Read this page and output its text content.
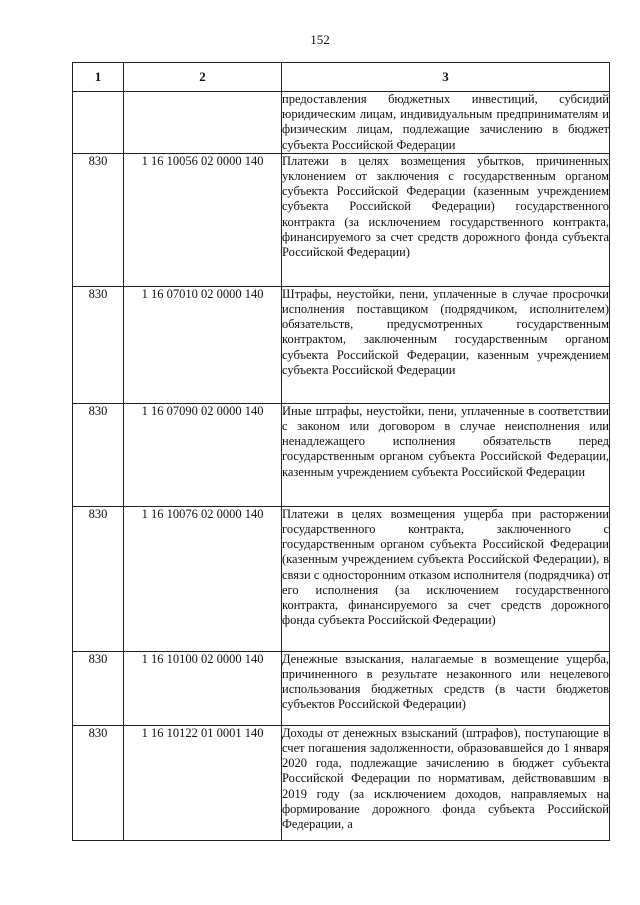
152
1	2	3
		предоставления бюджетных инвестиций, субсидий юридическим лицам, индивидуальным предпринимателям и физическим лицам, подлежащие зачислению в бюджет субъекта Российской Федерации
830	1 16 10056 02 0000 140	Платежи в целях возмещения убытков, причиненных уклонением от заключения с государственным органом субъекта Российской Федерации (казенным учреждением субъекта Российской Федерации) государственного контракта (за исключением государственного контракта, финансируемого за счет средств дорожного фонда субъекта Российской Федерации)
830	1 16 07010 02 0000 140	Штрафы, неустойки, пени, уплаченные в случае просрочки исполнения поставщиком (подрядчиком, исполнителем) обязательств, предусмотренных государственным контрактом, заключенным государственным органом субъекта Российской Федерации, казенным учреждением субъекта Российской Федерации
830	1 16 07090 02 0000 140	Иные штрафы, неустойки, пени, уплаченные в соответствии с законом или договором в случае неисполнения или ненадлежащего исполнения обязательств перед государственным органом субъекта Российской Федерации, казенным учреждением субъекта Российской Федерации
830	1 16 10076 02 0000 140	Платежи в целях возмещения ущерба при расторжении государственного контракта, заключенного с государственным органом субъекта Российской Федерации (казенным учреждением субъекта Российской Федерации), в связи с односторонним отказом исполнителя (подрядчика) от его исполнения (за исключением государственного контракта, финансируемого за счет средств дорожного фонда субъекта Российской Федерации)
830	1 16 10100 02 0000 140	Денежные взыскания, налагаемые в возмещение ущерба, причиненного в результате незаконного или нецелевого использования бюджетных средств (в части бюджетов субъектов Российской Федерации)
830	1 16 10122 01 0001 140	Доходы от денежных взысканий (штрафов), поступающие в счет погашения задолженности, образовавшейся до 1 января 2020 года, подлежащие зачислению в бюджет субъекта Российской Федерации по нормативам, действовавшим в 2019 году (за исключением доходов, направляемых на формирование дорожного фонда субъекта Российской Федерации, а
